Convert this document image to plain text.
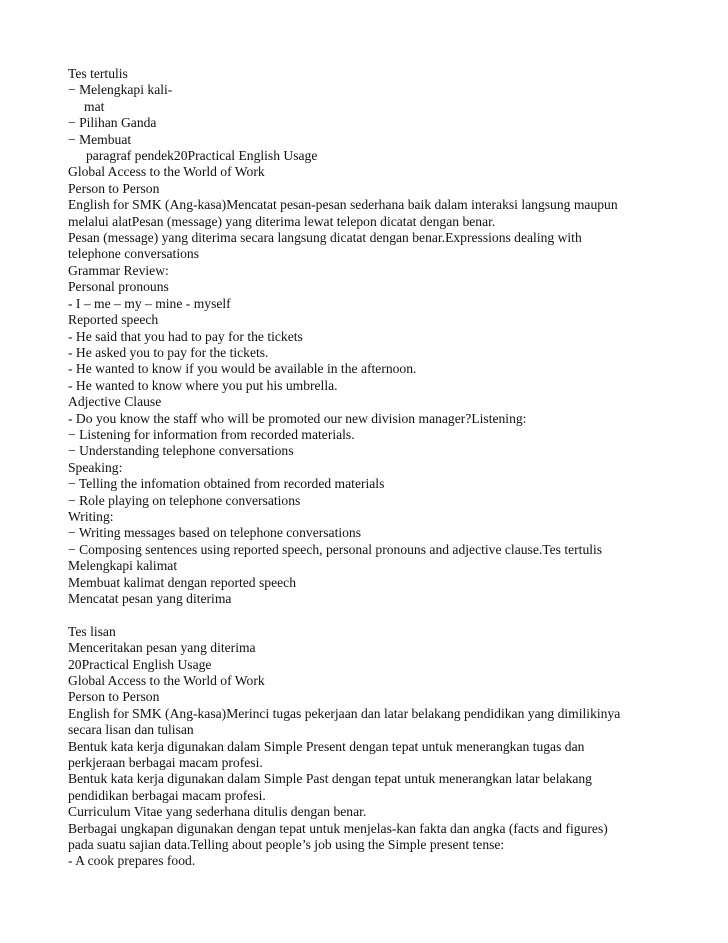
Tes tertulis
− Melengkapi kali-
mat
− Pilihan Ganda
− Membuat
paragraf pendek20Practical English Usage
Global Access to the World of Work
Person to Person
English for SMK (Ang-kasa)Mencatat pesan-pesan sederhana baik dalam interaksi langsung maupun
melalui alatPesan (message) yang diterima lewat telepon dicatat dengan benar.
Pesan (message) yang diterima secara langsung dicatat dengan benar.Expressions dealing with
telephone conversations
Grammar Review:
Personal pronouns
- I – me – my – mine - myself
Reported speech
- He said that you had to pay for the tickets
- He asked you to pay for the tickets.
- He wanted to know if you would be available in the afternoon.
- He wanted to know where you put his umbrella.
Adjective Clause
- Do you know the staff who will be promoted our new division manager?Listening:
− Listening for information from recorded materials.
− Understanding telephone conversations
Speaking:
− Telling the infomation obtained from recorded materials
− Role playing on telephone conversations
Writing:
− Writing messages based on telephone conversations
− Composing sentences using reported speech, personal pronouns and adjective clause.Tes tertulis
Melengkapi kalimat
Membuat kalimat dengan reported speech
Mencatat pesan yang diterima
Tes lisan
Menceritakan pesan yang diterima
20Practical English Usage
Global Access to the World of Work
Person to Person
English for SMK (Ang-kasa)Merinci tugas pekerjaan dan latar belakang pendidikan yang dimilikinya
secara lisan dan tulisan
Bentuk kata kerja digunakan dalam Simple Present dengan tepat untuk menerangkan tugas dan
perkjeraan berbagai macam profesi.
Bentuk kata kerja digunakan dalam Simple Past dengan tepat untuk menerangkan latar belakang
pendidikan berbagai macam profesi.
Curriculum Vitae yang sederhana ditulis dengan benar.
Berbagai ungkapan digunakan dengan tepat untuk menjelas-kan fakta dan angka (facts and figures)
pada suatu sajian data.Telling about people’s job using the Simple present tense:
- A cook prepares food.
